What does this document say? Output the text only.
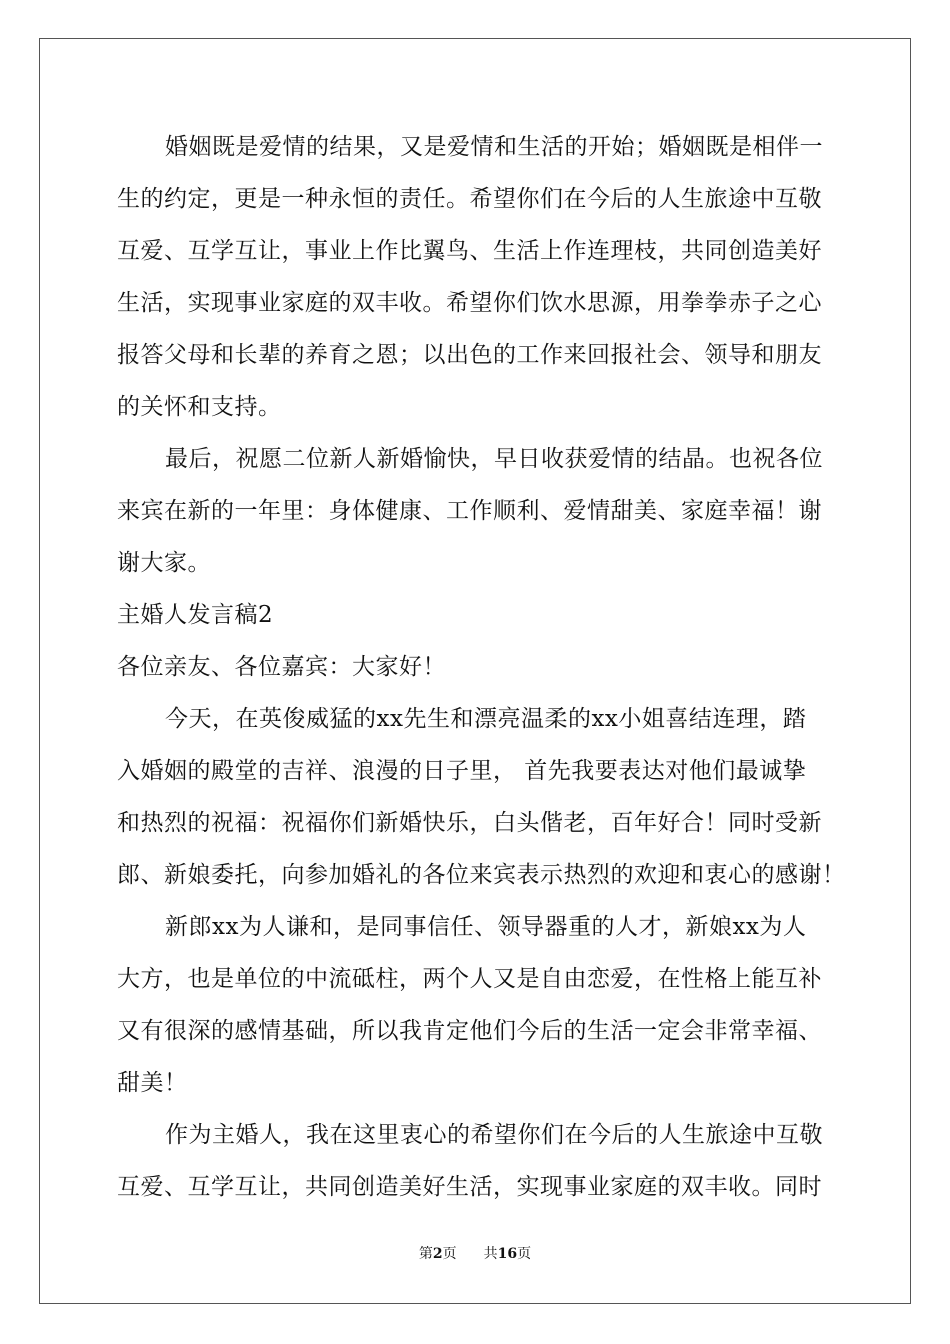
婚姻既是爱情的结果，又是爱情和生活的开始；婚姻既是相伴一
生的约定，更是一种永恒的责任。希望你们在今后的人生旅途中互敬
互爱、互学互让，事业上作比翼鸟、生活上作连理枝，共同创造美好
生活，实现事业家庭的双丰收。希望你们饮水思源，用拳拳赤子之心
报答父母和长辈的养育之恩；以出色的工作来回报社会、领导和朋友
的关怀和支持。
最后，祝愿二位新人新婚愉快，早日收获爱情的结晶。也祝各位
来宾在新的一年里：身体健康、工作顺利、爱情甜美、家庭幸福！谢
谢大家。
主婚人发言稿2
各位亲友、各位嘉宾：大家好！
今天，在英俊威猛的xx先生和漂亮温柔的xx小姐喜结连理，踏
入婚姻的殿堂的吉祥、浪漫的日子里， 首先我要表达对他们最诚挚
和热烈的祝福：祝福你们新婚快乐，白头偕老，百年好合！同时受新
郎、新娘委托，向参加婚礼的各位来宾表示热烈的欢迎和衷心的感谢！
新郎xx为人谦和，是同事信任、领导器重的人才，新娘xx为人
大方，也是单位的中流砥柱，两个人又是自由恋爱，在性格上能互补
又有很深的感情基础，所以我肯定他们今后的生活一定会非常幸福、
甜美！
作为主婚人，我在这里衷心的希望你们在今后的人生旅途中互敬
互爱、互学互让，共同创造美好生活，实现事业家庭的双丰收。同时
第2页 共16页
